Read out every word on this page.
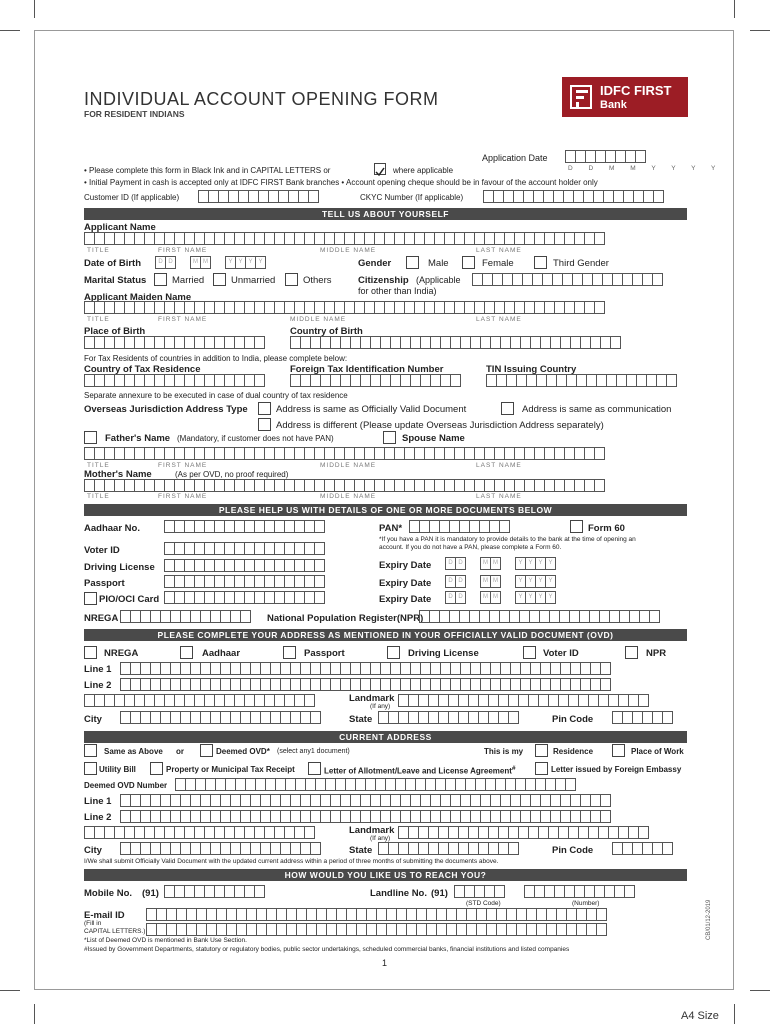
INDIVIDUAL ACCOUNT OPENING FORM
FOR RESIDENT INDIANS
IDFC FIRST
Bank
Application Date
D D M M Y Y Y Y
• Please complete this form in Black Ink and in CAPITAL LETTERS or	where applicable
• Initial Payment in cash is accepted only at IDFC FIRST Bank branches • Account opening cheque should be in favour of the account holder only
Customer ID (If applicable)	CKYC Number (If applicable)
TELL US ABOUT YOURSELF
Applicant Name
TITLE	FIRST NAME	MIDDLE NAME	LAST NAME
Date of Birth	D D	M M	Y Y Y Y	Gender	Male	Female	Third Gender
Marital Status	Married	Unmarried	Others	Citizenship (Applicable
for other than India)
Applicant Maiden Name
TITLE	FIRST NAME	MIDDLE NAME	LAST NAME
Place of Birth	Country of Birth
For Tax Residents of countries in addition to India, please complete below:
Country of Tax Residence	Foreign Tax Identification Number	TIN Issuing Country
Separate annexure to be executed in case of dual country of tax residence
Overseas Jurisdiction Address Type	Address is same as Officially Valid Document	Address is same as communication
Address is different (Please update Overseas Jurisdiction Address separately)
Father's Name (Mandatory, if customer does not have PAN)	Spouse Name
TITLE	FIRST NAME	MIDDLE NAME	LAST NAME
Mother's Name	(As per OVD, no proof required)
TITLE	FIRST NAME	MIDDLE NAME	LAST NAME
PLEASE HELP US WITH DETAILS OF ONE OR MORE DOCUMENTS BELOW
Aadhaar No.	PAN*	Form 60
*If you have a PAN it is mandatory to provide details to the bank at the time of opening an
account. If you do not have a PAN, please complete a Form 60.
Voter ID
Driving License
Passport
PIO/OCI Card
Expiry Date	D D	M M	Y Y Y Y
Expiry Date	D D	M M	Y Y Y Y
Expiry Date	D D	M M	Y Y Y Y
NREGA	National Population Register(NPR)
PLEASE COMPLETE YOUR ADDRESS AS MENTIONED IN YOUR OFFICIALLY VALID DOCUMENT (OVD)
NREGA	Aadhaar	Passport	Driving License	Voter ID	NPR
Line 1
Line 2
Landmark
(If any)
City	State	Pin Code
CURRENT ADDRESS
Same as Above or	Deemed OVD* (select any1 document)	This is my	Residence	Place of Work
Utility Bill	Property or Municipal Tax Receipt	Letter of Allotment/Leave and License Agreement#	Letter issued by Foreign Embassy
Deemed OVD Number
Line 1
Line 2
Landmark
(If any)
City	State	Pin Code
I/We shall submit Officially Valid Document with the updated current address within a period of three months of submitting the documents above.
HOW WOULD YOU LIKE US TO REACH YOU?
Mobile No. (91)	Landline No. (91)
(STD Code)	(Number)
E-mail ID
(Fill in
CAPITAL LETTERS.)
*List of Deemed OVD is mentioned in Bank Use Section.
#Issued by Government Departments, statutory or regulatory bodies, public sector undertakings, scheduled commercial banks, financial institutions and listed companies
1
CB/01/12-2019
A4 Size
